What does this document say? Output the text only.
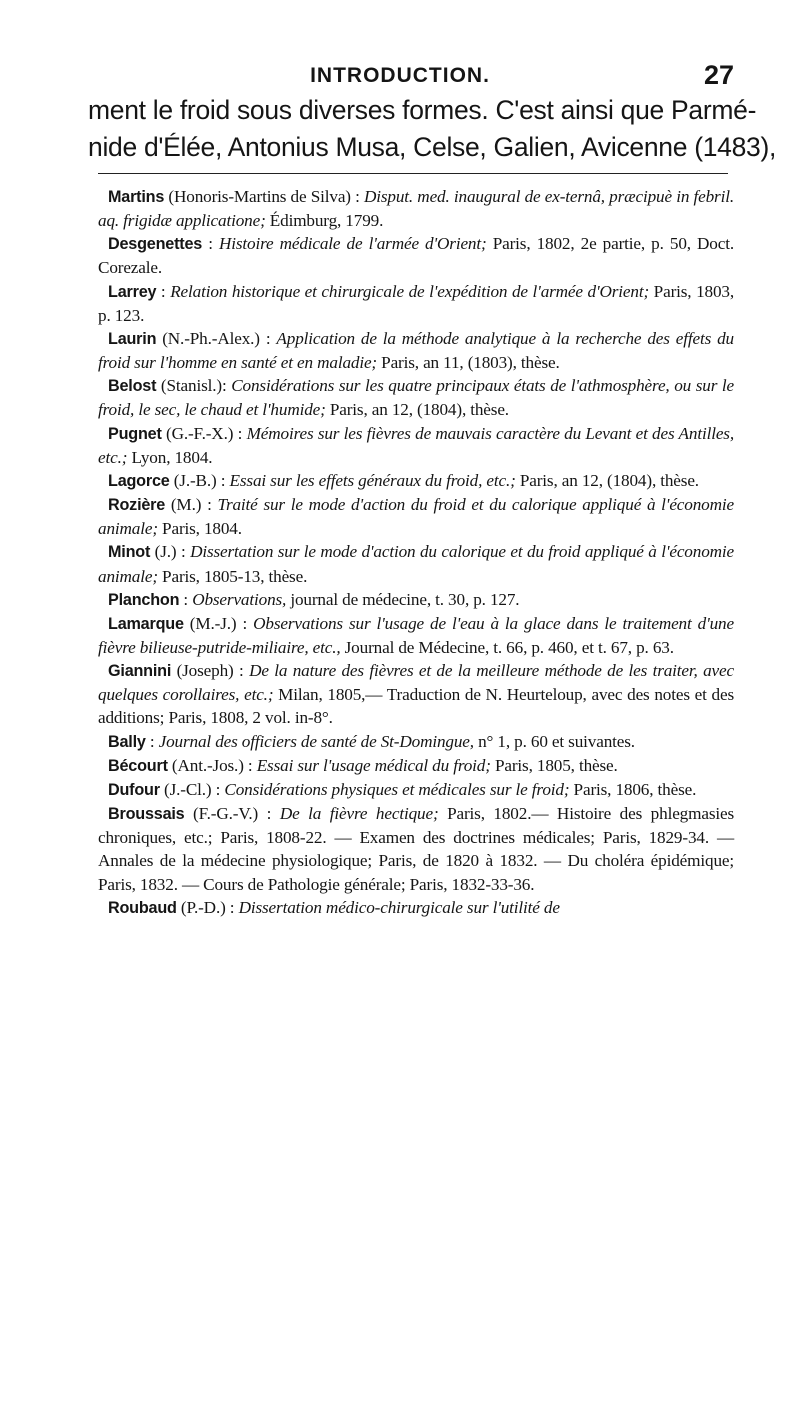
INTRODUCTION.	27
ment le froid sous diverses formes. C'est ainsi que Parmé-
nide d'Élée, Antonius Musa, Celse, Galien, Avicenne (1483),

Martins (Honoris-Martins de Silva) : Disput. med. inaugural de ex-ternâ, præcipuè in febril. aq. frigidæ applicatione; Édimburg, 1799.

Desgenettes : Histoire médicale de l'armée d'Orient; Paris, 1802, 2e partie, p. 50, Doct. Corezale.

Larrey : Relation historique et chirurgicale de l'expédition de l'armée d'Orient; Paris, 1803, p. 123.

Laurin (N.-Ph.-Alex.) : Application de la méthode analytique à la recherche des effets du froid sur l'homme en santé et en maladie; Paris, an 11, (1803), thèse.

Belost (Stanisl.): Considérations sur les quatre principaux états de l'athmosphère, ou sur le froid, le sec, le chaud et l'humide; Paris, an 12, (1804), thèse.

Pugnet (G.-F.-X.) : Mémoires sur les fièvres de mauvais caractère du Levant et des Antilles, etc.; Lyon, 1804.

Lagorce (J.-B.) : Essai sur les effets généraux du froid, etc.; Paris, an 12, (1804), thèse.

Rozière (M.) : Traité sur le mode d'action du froid et du calorique appliqué à l'économie animale; Paris, 1804.

Minot (J.) : Dissertation sur le mode d'action du calorique et du froid appliqué à l'économie animale; Paris, 1805-13, thèse.

Planchon : Observations, journal de médecine, t. 30, p. 127.

Lamarque (M.-J.) : Observations sur l'usage de l'eau à la glace dans le traitement d'une fièvre bilieuse-putride-miliaire, etc., Journal de Médecine, t. 66, p. 460, et t. 67, p. 63.

Giannini (Joseph) : De la nature des fièvres et de la meilleure méthode de les traiter, avec quelques corollaires, etc.; Milan, 1805,— Traduction de N. Heurteloup, avec des notes et des additions; Paris, 1808, 2 vol. in-8°.

Bally : Journal des officiers de santé de St-Domingue, n° 1, p. 60 et suivantes.

Bécourt (Ant.-Jos.) : Essai sur l'usage médical du froid; Paris, 1805, thèse.

Dufour (J.-Cl.) : Considérations physiques et médicales sur le froid; Paris, 1806, thèse.

Broussais (F.-G.-V.) : De la fièvre hectique; Paris, 1802.— Histoire des phlegmasies chroniques, etc.; Paris, 1808-22. — Examen des doctrines médicales; Paris, 1829-34. — Annales de la médecine physiologique; Paris, de 1820 à 1832. — Du choléra épidémique; Paris, 1832. — Cours de Pathologie générale; Paris, 1832-33-36.

Roubaud (P.-D.) : Dissertation médico-chirurgicale sur l'utilité de
